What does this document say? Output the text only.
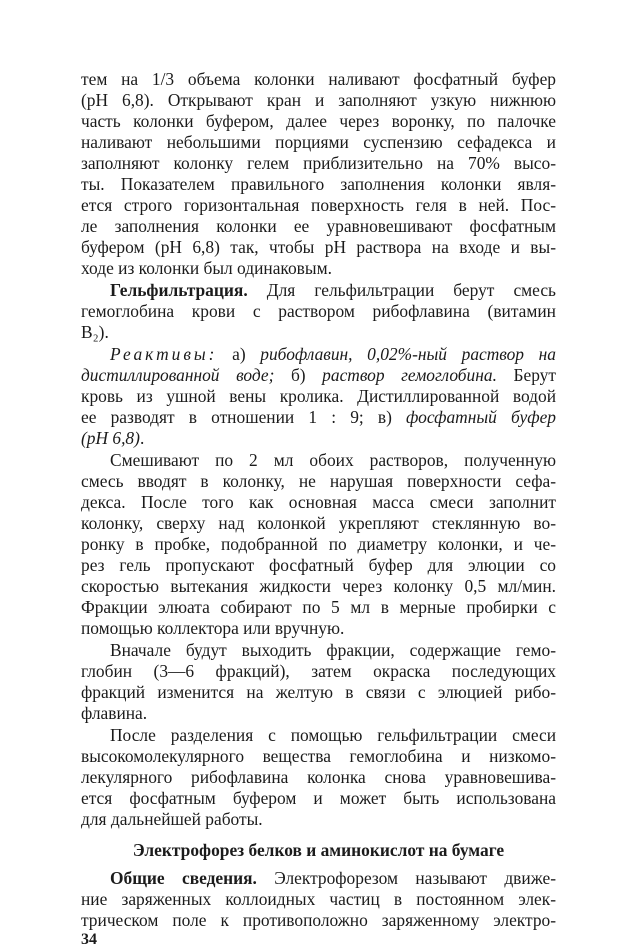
тем на 1/3 объема колонки наливают фосфатный буфер
(pH 6,8). Открывают кран и заполняют узкую нижнюю
часть колонки буфером, далее через воронку, по палочке
наливают небольшими порциями суспензию сефадекса и
заполняют колонку гелем приблизительно на 70% высо-
ты. Показателем правильного заполнения колонки явля-
ется строго горизонтальная поверхность геля в ней. Пос-
ле заполнения колонки ее уравновешивают фосфатным
буфером (pH 6,8) так, чтобы pH раствора на входе и вы-
ходе из колонки был одинаковым.
Гельфильтрация. Для гельфильтрации берут смесь
гемоглобина крови с раствором рибофлавина (витамин
B₂).
Реактивы: а) рибофлавин, 0,02%-ный раствор на
дистиллированной воде; б) раствор гемоглобина. Берут
кровь из ушной вены кролика. Дистиллированной водой
ее разводят в отношении 1 : 9; в) фосфатный буфер
(pH 6,8).
Смешивают по 2 мл обоих растворов, полученную
смесь вводят в колонку, не нарушая поверхности сефа-
декса. После того как основная масса смеси заполнит
колонку, сверху над колонкой укрепляют стеклянную во-
ронку в пробке, подобранной по диаметру колонки, и че-
рез гель пропускают фосфатный буфер для элюции со
скоростью вытекания жидкости через колонку 0,5 мл/мин.
Фракции элюата собирают по 5 мл в мерные пробирки с
помощью коллектора или вручную.
Вначале будут выходить фракции, содержащие гемо-
глобин (3—6 фракций), затем окраска последующих
фракций изменится на желтую в связи с элюцией рибо-
флавина.
После разделения с помощью гельфильтрации смеси
высокомолекулярного вещества гемоглобина и низкомо-
лекулярного рибофлавина колонка снова уравновешива-
ется фосфатным буфером и может быть использована
для дальнейшей работы.
Электрофорез белков и аминокислот на бумаге
Общие сведения. Электрофорезом называют движе-
ние заряженных коллоидных частиц в постоянном элек-
трическом поле к противоположно заряженному электро-
34
